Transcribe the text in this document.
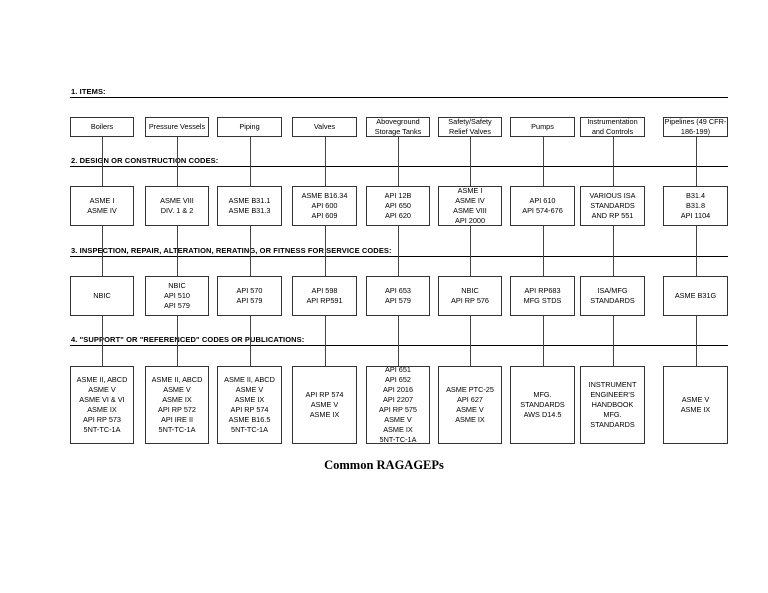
1. ITEMS:
2. DESIGN OR CONSTRUCTION CODES:
3. INSPECTION, REPAIR, ALTERATION, RERATING, OR FITNESS FOR SERVICE CODES:
4. "SUPPORT" OR "REFERENCED" CODES OR PUBLICATIONS:
Boilers
ASME I
ASME IV
NBIC
ASME II, ABCD
ASME V
ASME VI & VI
ASME IX
API RP 573
5NT-TC-1A
Pressure Vessels
ASME VIII
DIV. 1 & 2
NBIC
API 510
API 579
ASME II, ABCD
ASME V
ASME IX
API RP 572
API IRE II
5NT-TC-1A
Piping
ASME B31.1
ASME B31.3
API 570
API 579
ASME II, ABCD
ASME V
ASME IX
API RP 574
ASME B16.5
5NT-TC-1A
Valves
ASME B16.34
API 600
API 609
API 598
API RP591
API RP 574
ASME V
ASME IX
Aboveground
Storage Tanks
API 12B
API 650
API 620
API 653
API 579
API 651
API 652
API 2016
API 2207
API RP 575
ASME V
ASME IX
5NT-TC-1A
Safety/Safety
Relief Valves
ASME I
ASME IV
ASME VIII
API 2000
NBIC
API RP 576
ASME PTC-25
API 627
ASME V
ASME IX
Pumps
API 610
API 574-676
API RP683
MFG STDS
MFG.
STANDARDS
AWS D14.5
Instrumentation
and Controls
VARIOUS ISA
STANDARDS
AND RP 551
ISA/MFG
STANDARDS
INSTRUMENT
ENGINEER'S
HANDBOOK
MFG.
STANDARDS
Pipelines (49 CFR-
186-199)
B31.4
B31.8
API 1104
ASME B31G
ASME V
ASME IX
Common RAGAGEPs
